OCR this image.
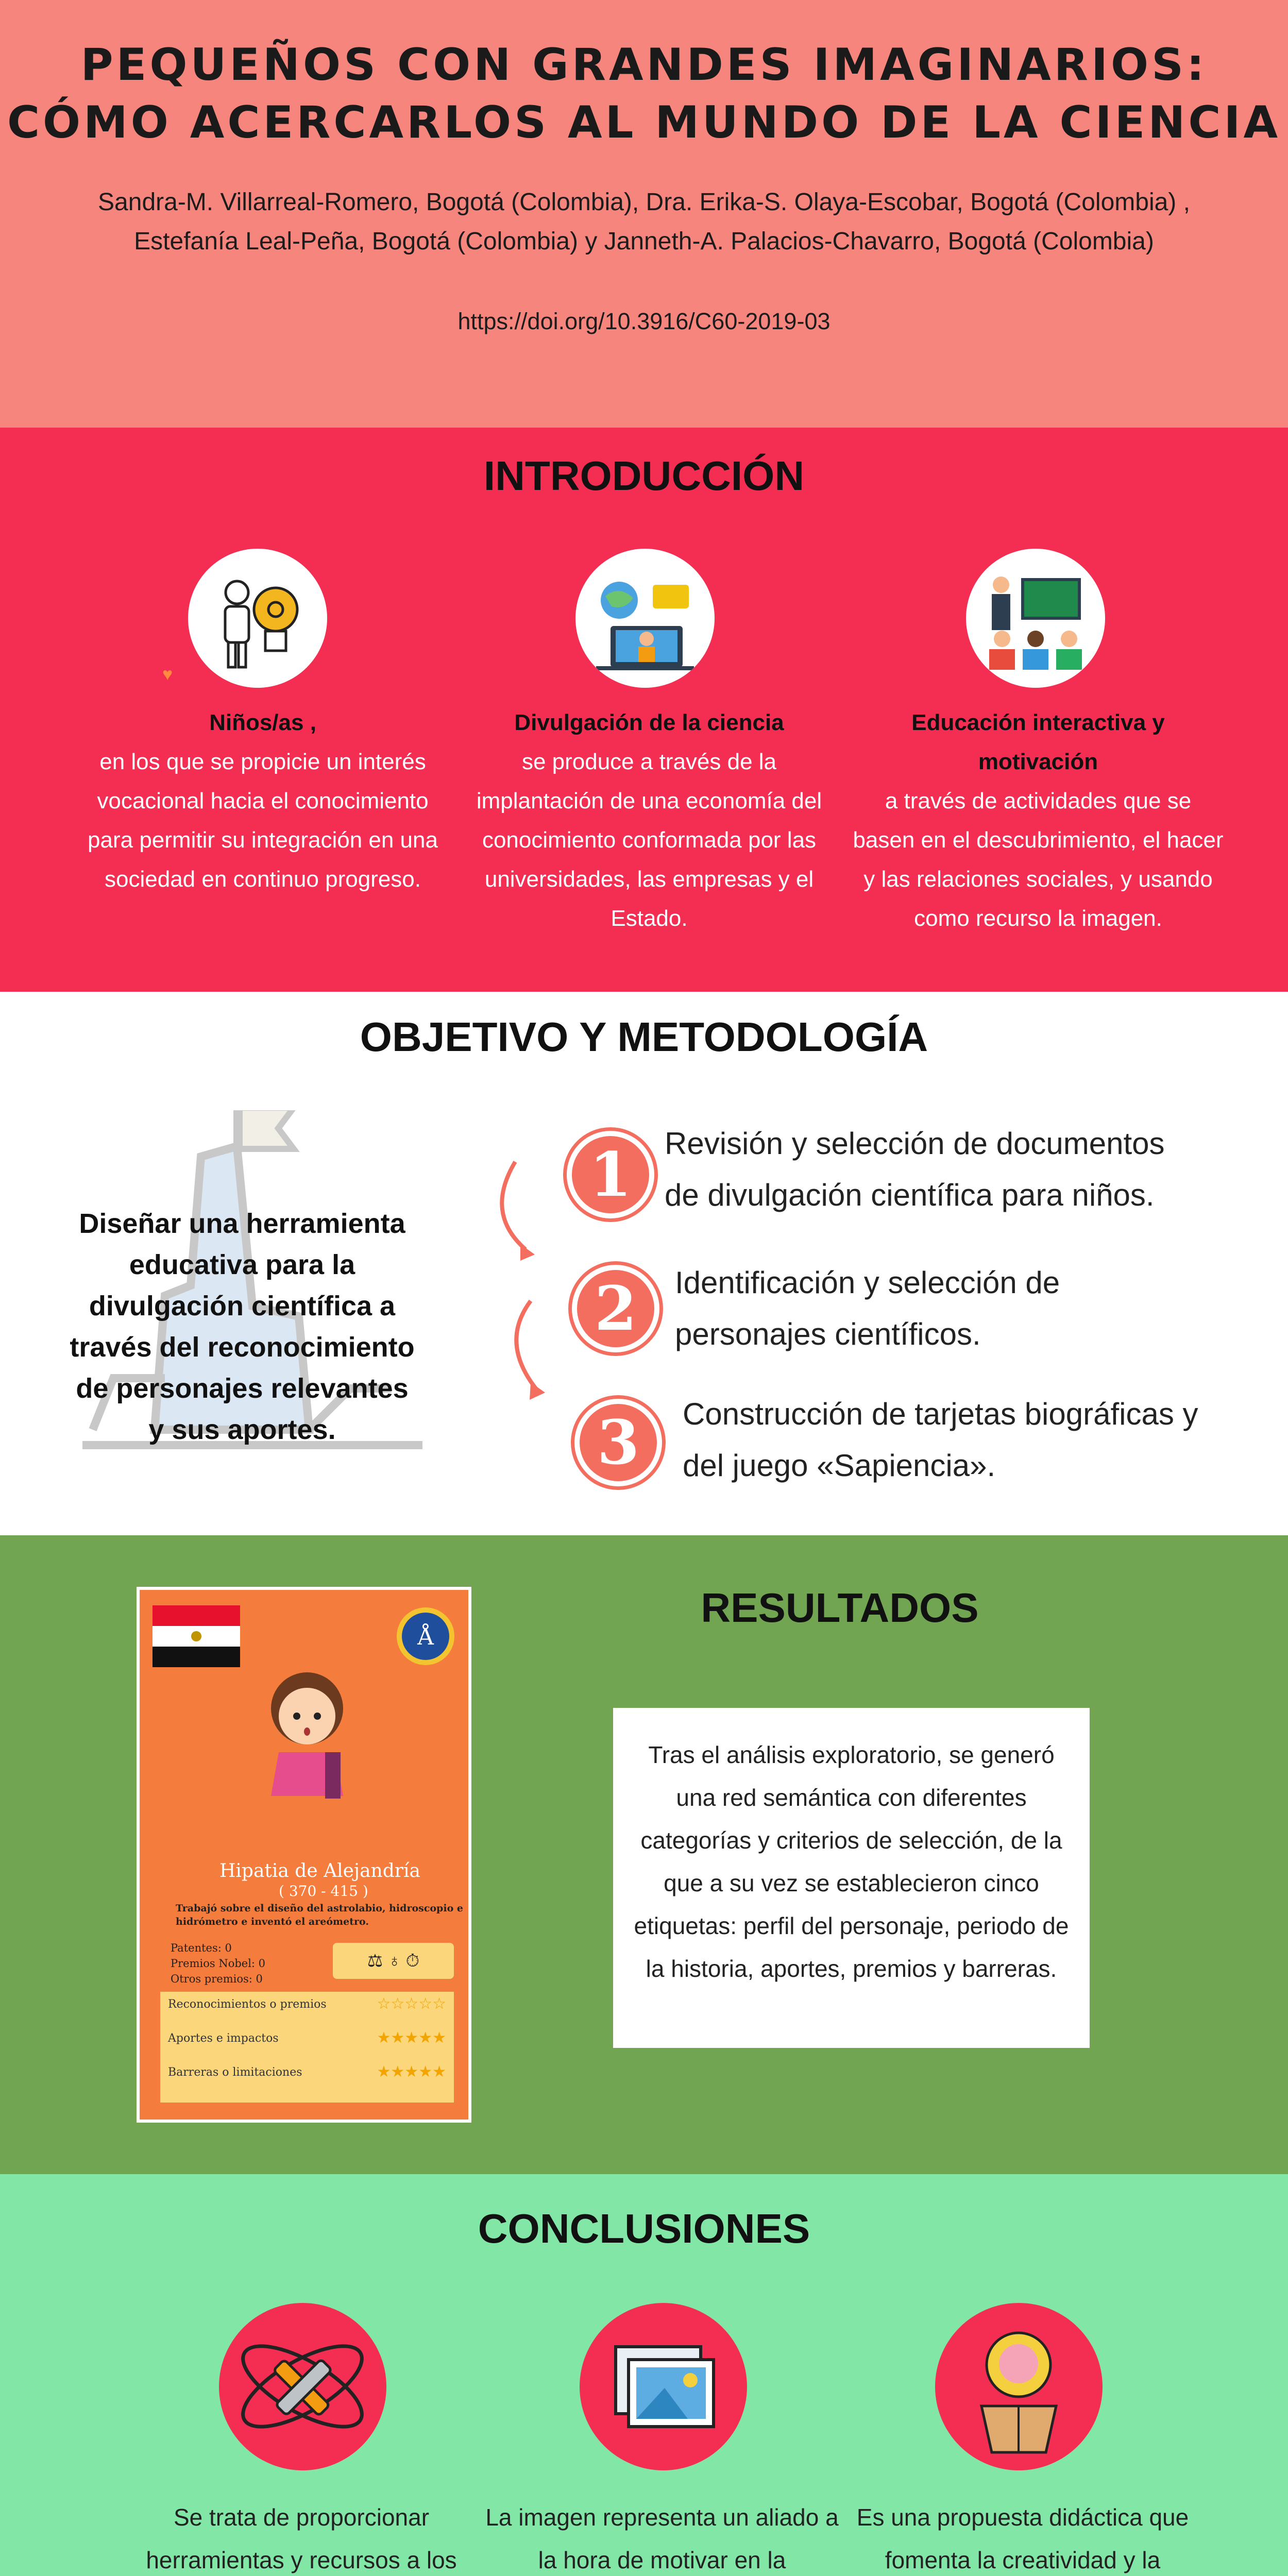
PEQUEÑOS CON GRANDES IMAGINARIOS:
CÓMO ACERCARLOS AL MUNDO DE LA CIENCIA
Sandra-M. Villarreal-Romero, Bogotá (Colombia), Dra. Erika-S. Olaya-Escobar, Bogotá (Colombia) ,
Estefanía Leal-Peña, Bogotá (Colombia) y Janneth-A. Palacios-Chavarro, Bogotá (Colombia)
https://doi.org/10.3916/C60-2019-03
INTRODUCCIÓN
♥
Niños/as ,
en los que se propicie un interés vocacional hacia el conocimiento para permitir su integración en una sociedad en continuo progreso.
Divulgación de la ciencia
se produce a través de la implantación de una economía del conocimiento conformada por las universidades, las empresas y el Estado.
Educación interactiva y motivación
a través de actividades que se basen en el descubrimiento, el hacer y las relaciones sociales, y usando como recurso la imagen.
OBJETIVO Y METODOLOGÍA
Diseñar una herramienta educativa para la divulgación científica a través del reconocimiento de personajes relevantes y sus aportes.
1	Revisión y selección de documentos
de divulgación científica para niños.
2	Identificación y selección de
personajes científicos.
3	Construcción de tarjetas biográficas y
del juego «Sapiencia».
Å
Hipatia de Alejandría
( 370 - 415 )
Trabajó sobre el diseño del astrolabio, hidroscopio e hidrómetro e inventó el areómetro.
Patentes: 0
Premios Nobel: 0
Otros premios: 0
⚖ ♁ ⏱
Reconocimientos o premios	☆☆☆☆☆
Aportes e impactos	★★★★★
Barreras o limitaciones	★★★★★
RESULTADOS
Tras el análisis exploratorio, se generó una red semántica con diferentes categorías y criterios de selección, de la que a su vez se establecieron cinco etiquetas: perfil del personaje, periodo de la historia, aportes, premios y barreras.
CONCLUSIONES
Se trata de proporcionar herramientas y recursos a los
La imagen representa un aliado a la hora de motivar en la
Es una propuesta didáctica que fomenta la creatividad y la
